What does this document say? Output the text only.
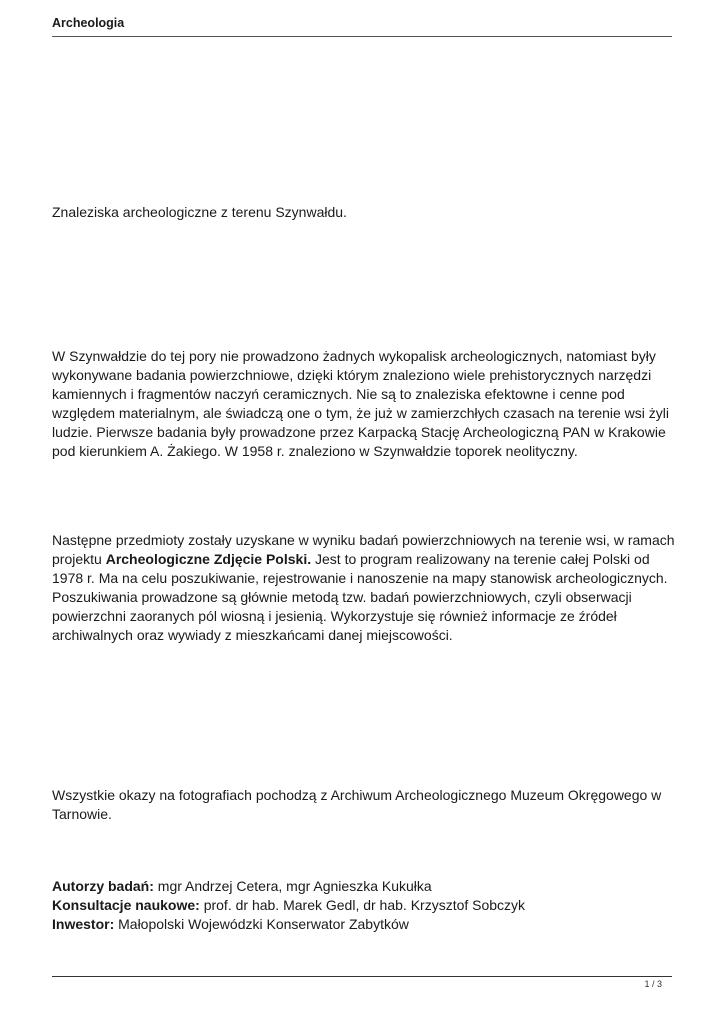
Archeologia

Znaleziska archeologiczne z terenu Szynwałdu.

W Szynwałdzie do tej pory nie prowadzono żadnych wykopalisk archeologicznych, natomiast były wykonywane badania powierzchniowe, dzięki którym znaleziono wiele prehistorycznych narzędzi kamiennych i fragmentów naczyń ceramicznych. Nie są to znaleziska efektowne i cenne pod względem materialnym, ale świadczą one o tym, że już w zamierzchłych czasach na terenie wsi żyli ludzie. Pierwsze badania były prowadzone przez Karpacką Stację Archeologiczną PAN w Krakowie pod kierunkiem A. Żakiego. W 1958 r. znaleziono w Szynwałdzie toporek neolityczny.

Następne przedmioty zostały uzyskane w wyniku badań powierzchniowych na terenie wsi, w ramach projektu Archeologiczne Zdjęcie Polski. Jest to program realizowany na terenie całej Polski od 1978 r. Ma na celu poszukiwanie, rejestrowanie i nanoszenie na mapy stanowisk archeologicznych. Poszukiwania prowadzone są głównie metodą tzw. badań powierzchniowych, czyli obserwacji powierzchni zaoranych pól wiosną i jesienią. Wykorzystuje się również informacje ze źródeł archiwalnych oraz wywiady z mieszkańcami danej miejscowości.

Wszystkie okazy na fotografiach pochodzą z Archiwum Archeologicznego Muzeum Okręgowego w Tarnowie.

Autorzy badań: mgr Andrzej Cetera, mgr Agnieszka Kukułka
Konsultacje naukowe: prof. dr hab. Marek Gedl, dr hab. Krzysztof Sobczyk
Inwestor: Małopolski Wojewódzki Konserwator Zabytków
1 / 3
